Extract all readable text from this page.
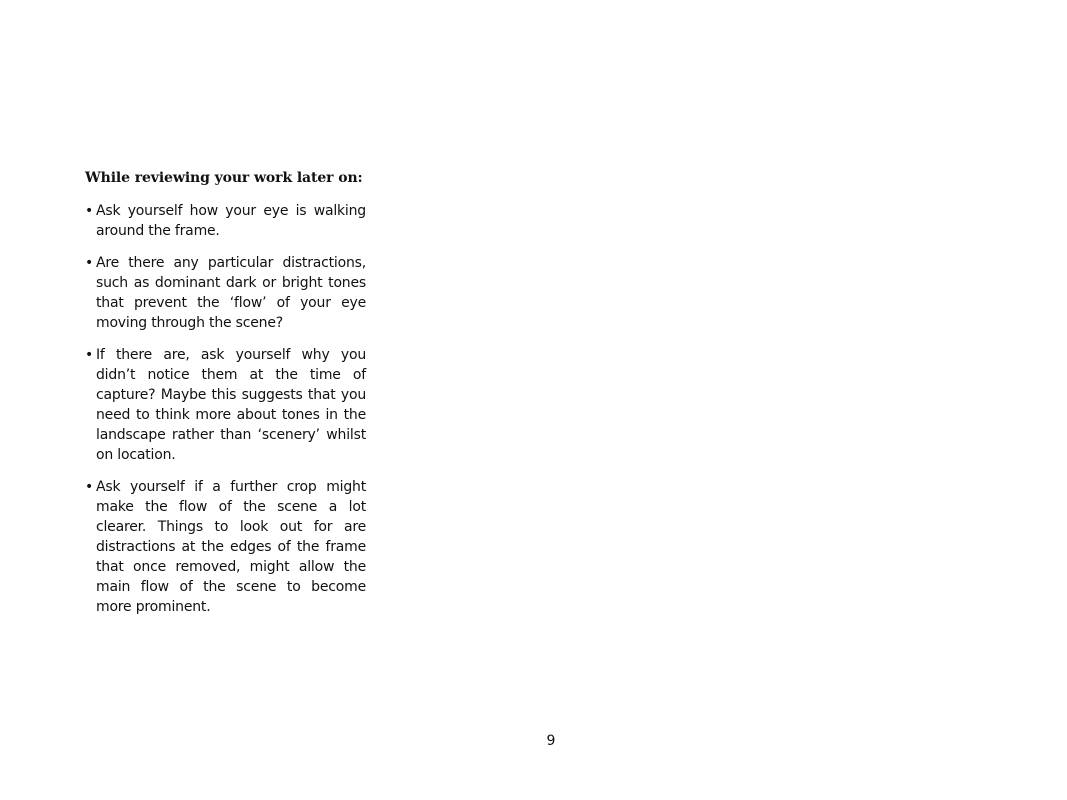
While reviewing your work later on:
• Ask yourself how your eye is walking around the frame.
• Are there any particular distractions, such as dominant dark or bright tones that prevent the ‘flow’ of your eye moving through the scene?
• If there are, ask yourself why you didn’t notice them at the time of capture? Maybe this suggests that you need to think more about tones in the landscape rather than ‘scenery’ whilst on location.
• Ask yourself if a further crop might make the flow of the scene a lot clearer. Things to look out for are distractions at the edges of the frame that once removed, might allow the main flow of the scene to become more prominent.
9
